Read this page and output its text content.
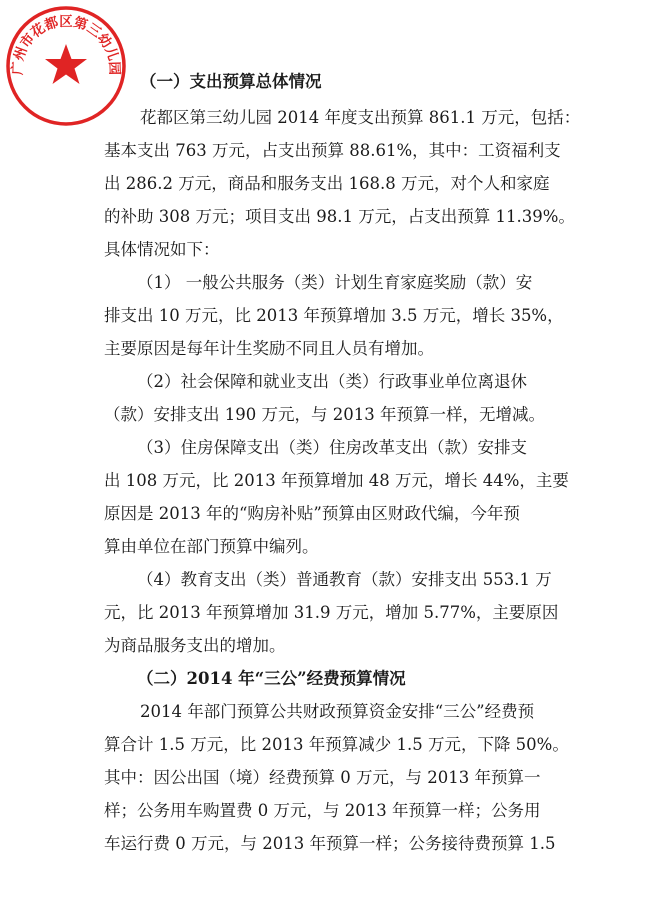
广州市花都区第三幼儿园
（一）支出预算总体情况
花都区第三幼儿园 2014 年度支出预算 861.1 万元，包括：
基本支出 763 万元，占支出预算 88.61%，其中：工资福利支
出 286.2 万元，商品和服务支出 168.8 万元，对个人和家庭
的补助 308 万元；项目支出 98.1 万元，占支出预算 11.39%。
具体情况如下：
（1） 一般公共服务（类）计划生育家庭奖励（款）安
排支出 10 万元，比 2013 年预算增加 3.5 万元，增长 35%，
主要原因是每年计生奖励不同且人员有增加。
（2）社会保障和就业支出（类）行政事业单位离退休
（款）安排支出 190 万元，与 2013 年预算一样，无增减。
（3）住房保障支出（类）住房改革支出（款）安排支
出 108 万元，比 2013 年预算增加 48 万元，增长 44%，主要
原因是 2013 年的“购房补贴”预算由区财政代编，今年预
算由单位在部门预算中编列。
（4）教育支出（类）普通教育（款）安排支出 553.1 万
元，比 2013 年预算增加 31.9 万元，增加 5.77%，主要原因
为商品服务支出的增加。
（二）2014 年“三公”经费预算情况
2014 年部门预算公共财政预算资金安排“三公”经费预
算合计 1.5 万元，比 2013 年预算减少 1.5 万元，下降 50%。
其中：因公出国（境）经费预算 0 万元，与 2013 年预算一
样；公务用车购置费 0 万元，与 2013 年预算一样；公务用
车运行费 0 万元，与 2013 年预算一样；公务接待费预算 1.5
